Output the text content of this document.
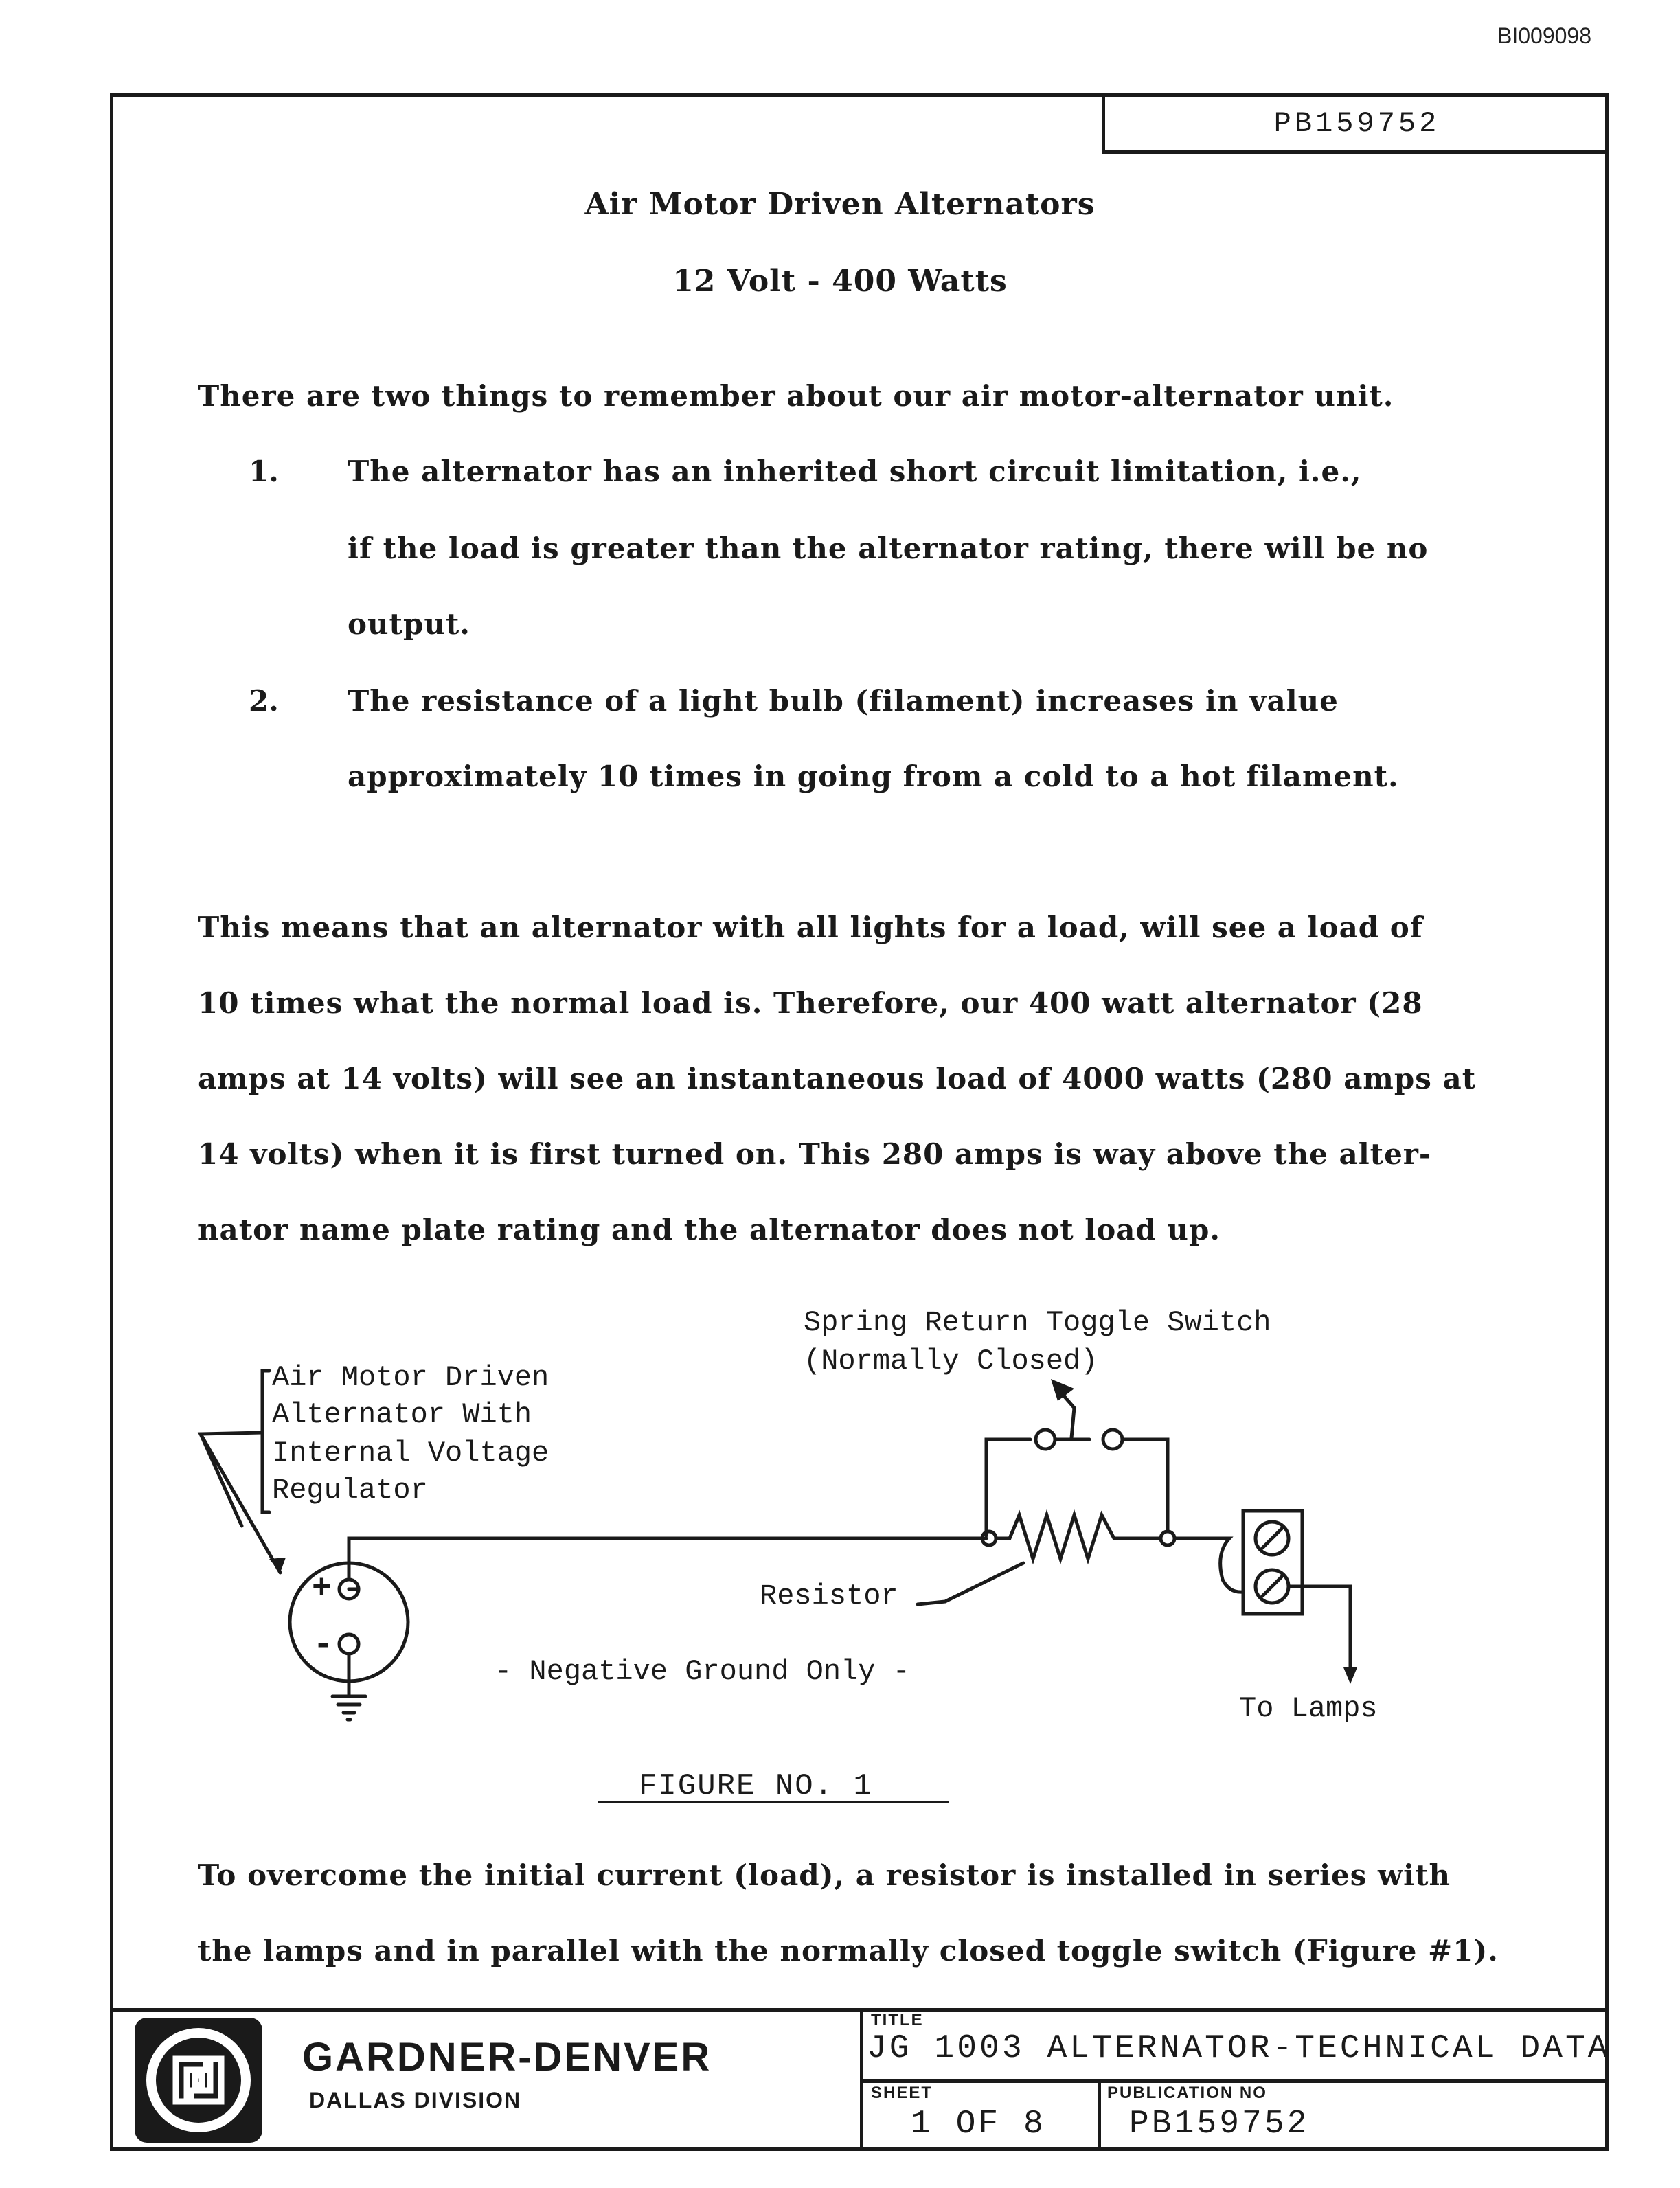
BI009098
PB159752
Air Motor Driven Alternators
12 Volt - 400 Watts
There are two things to remember about our air motor-alternator unit.
1. The alternator has an inherited short circuit limitation, i.e.,
if the load is greater than the alternator rating, there will be no
output.
2. The resistance of a light bulb (filament) increases in value
approximately 10 times in going from a cold to a hot filament.
This means that an alternator with all lights for a load, will see a load of
10 times what the normal load is. Therefore, our 400 watt alternator (28
amps at 14 volts) will see an instantaneous load of 4000 watts (280 amps at
14 volts) when it is first turned on. This 280 amps is way above the alter-
nator name plate rating and the alternator does not load up.
+
-
Spring Return Toggle Switch
(Normally Closed)
Air Motor Driven
Alternator With
Internal Voltage
Regulator
Resistor
- Negative Ground Only -
To Lamps
FIGURE NO. 1
To overcome the initial current (load), a resistor is installed in series with
the lamps and in parallel with the normally closed toggle switch (Figure #1).
GARDNER-DENVER
DALLAS DIVISION
TITLE
JG 1003 ALTERNATOR-TECHNICAL DATA
SHEET
1 OF 8
PUBLICATION NO
PB159752
